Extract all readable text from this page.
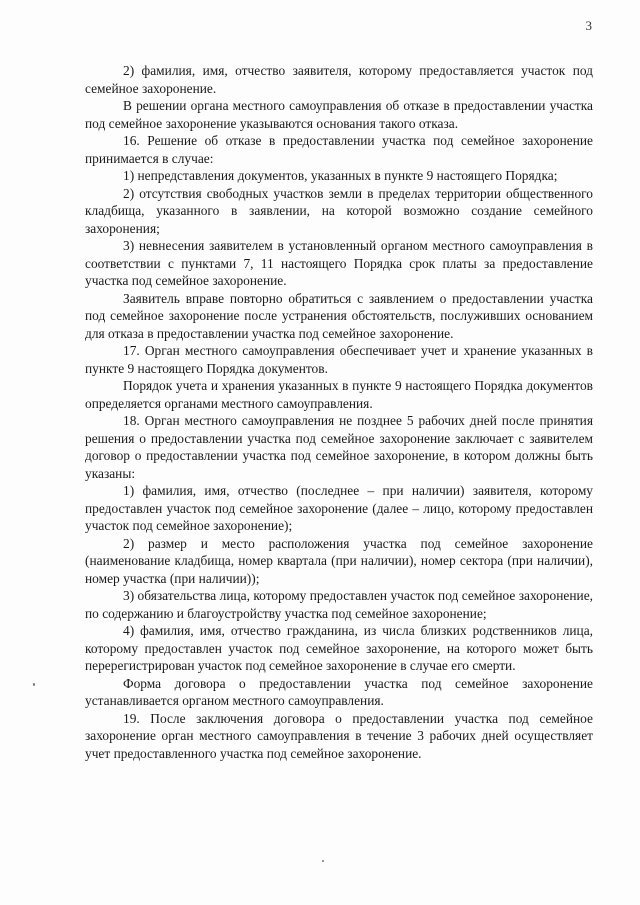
3

2) фамилия, имя, отчество заявителя, которому предоставляется участок под семейное захоронение.

В решении органа местного самоуправления об отказе в предоставлении участка под семейное захоронение указываются основания такого отказа.

16. Решение об отказе в предоставлении участка под семейное захоронение принимается в случае:

1) непредставления документов, указанных в пункте 9 настоящего Порядка;

2) отсутствия свободных участков земли в пределах территории общественного кладбища, указанного в заявлении, на которой возможно создание семейного захоронения;

3) невнесения заявителем в установленный органом местного самоуправления в соответствии с пунктами 7, 11 настоящего Порядка срок платы за предоставление участка под семейное захоронение.

Заявитель вправе повторно обратиться с заявлением о предоставлении участка под семейное захоронение после устранения обстоятельств, послуживших основанием для отказа в предоставлении участка под семейное захоронение.

17. Орган местного самоуправления обеспечивает учет и хранение указанных в пункте 9 настоящего Порядка документов.

Порядок учета и хранения указанных в пункте 9 настоящего Порядка документов определяется органами местного самоуправления.

18. Орган местного самоуправления не позднее 5 рабочих дней после принятия решения о предоставлении участка под семейное захоронение заключает с заявителем договор о предоставлении участка под семейное захоронение, в котором должны быть указаны:

1) фамилия, имя, отчество (последнее – при наличии) заявителя, которому предоставлен участок под семейное захоронение (далее – лицо, которому предоставлен участок под семейное захоронение);

2) размер и место расположения участка под семейное захоронение (наименование кладбища, номер квартала (при наличии), номер сектора (при наличии), номер участка (при наличии));

3) обязательства лица, которому предоставлен участок под семейное захоронение, по содержанию и благоустройству участка под семейное захоронение;

4) фамилия, имя, отчество гражданина, из числа близких родственников лица, которому предоставлен участок под семейное захоронение, на которого может быть перерегистрирован участок под семейное захоронение в случае его смерти.

Форма договора о предоставлении участка под семейное захоронение устанавливается органом местного самоуправления.

19. После заключения договора о предоставлении участка под семейное захоронение орган местного самоуправления в течение 3 рабочих дней осуществляет учет предоставленного участка под семейное захоронение.
